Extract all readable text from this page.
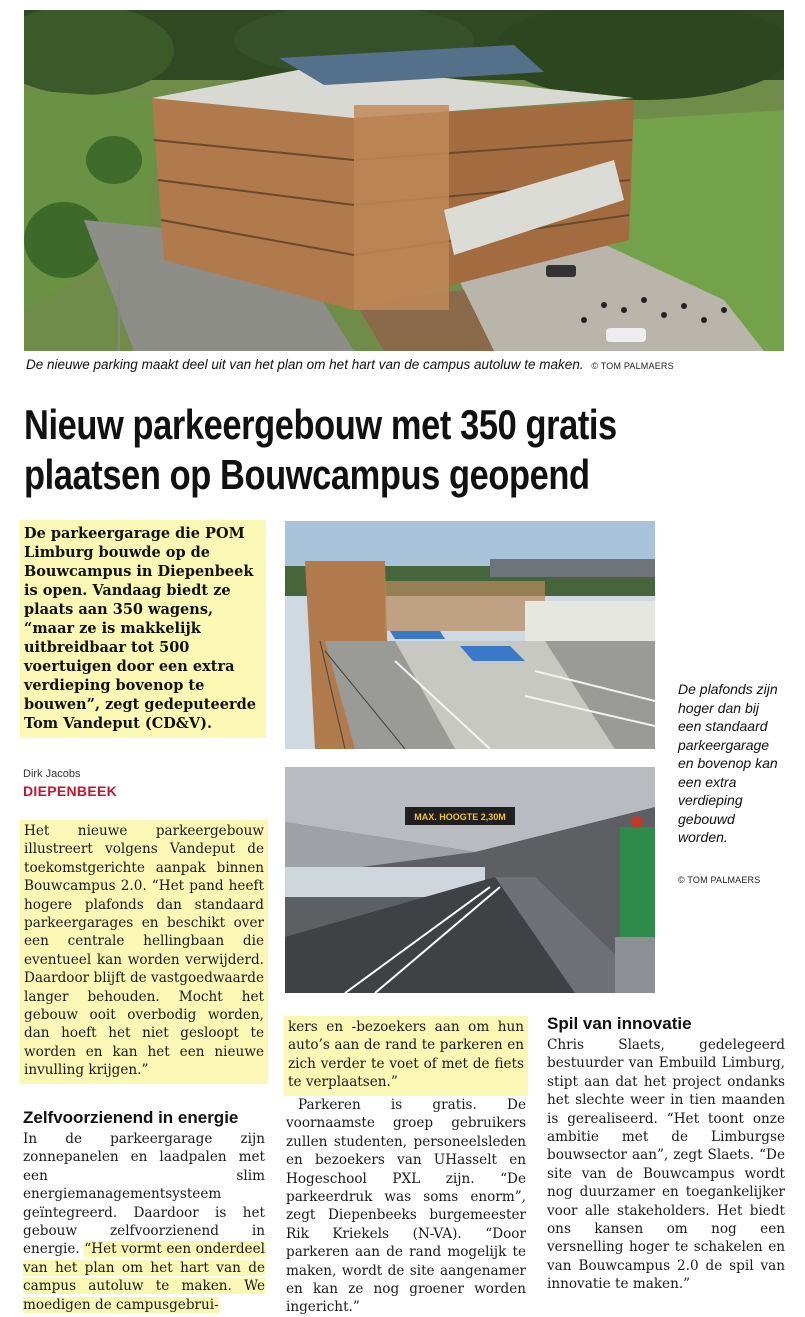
De nieuwe parking maakt deel uit van het plan om het hart van de campus autoluw te maken. © TOM PALMAERS
Nieuw parkeergebouw met 350 gratis
plaatsen op Bouwcampus geopend
De parkeergarage die POM Limburg bouwde op de Bouwcampus in Diepenbeek is open. Vandaag biedt ze plaats aan 350 wagens, “maar ze is makkelijk uitbreidbaar tot 500 voertuigen door een extra verdieping bovenop te bouwen”, zegt gedeputeerde Tom Vandeput (CD&V).
Dirk Jacobs
DIEPENBEEK
Het nieuwe parkeergebouw illustreert volgens Vandeput de toekomstgerichte aanpak binnen Bouwcampus 2.0. “Het pand heeft hogere plafonds dan standaard parkeergarages en beschikt over een centrale hellingbaan die eventueel kan worden verwijderd. Daardoor blijft de vastgoedwaarde langer behouden. Mocht het gebouw ooit overbodig worden, dan hoeft het niet gesloopt te worden en kan het een nieuwe invulling krijgen.”
Zelfvoorzienend in energie
In de parkeergarage zijn zonnepanelen en laadpalen met een slim energiemanagementsysteem geïntegreerd. Daardoor is het gebouw zelfvoorzienend in energie. “Het vormt een onderdeel van het plan om het hart van de campus autoluw te maken. We moedigen de campusgebrui-
MAX. HOOGTE 2,30M
De plafonds zijn hoger dan bij een standaard parkeergarage en bovenop kan een extra verdieping gebouwd worden.
© TOM PALMAERS
kers en -bezoekers aan om hun auto’s aan de rand te parkeren en zich verder te voet of met de fiets te verplaatsen.”
Parkeren is gratis. De voornaamste groep gebruikers zullen studenten, personeelsleden en bezoekers van UHasselt en Hogeschool PXL zijn. “De parkeerdruk was soms enorm”, zegt Diepenbeeks burgemeester Rik Kriekels (N-VA). “Door parkeren aan de rand mogelijk te maken, wordt de site aangenamer en kan ze nog groener worden ingericht.”
Spil van innovatie
Chris Slaets, gedelegeerd bestuurder van Embuild Limburg, stipt aan dat het project ondanks het slechte weer in tien maanden is gerealiseerd. “Het toont onze ambitie met de Limburgse bouwsector aan”, zegt Slaets. “De site van de Bouwcampus wordt nog duurzamer en toegankelijker voor alle stakeholders. Het biedt ons kansen om nog een versnelling hoger te schakelen en van Bouwcampus 2.0 de spil van innovatie te maken.”
